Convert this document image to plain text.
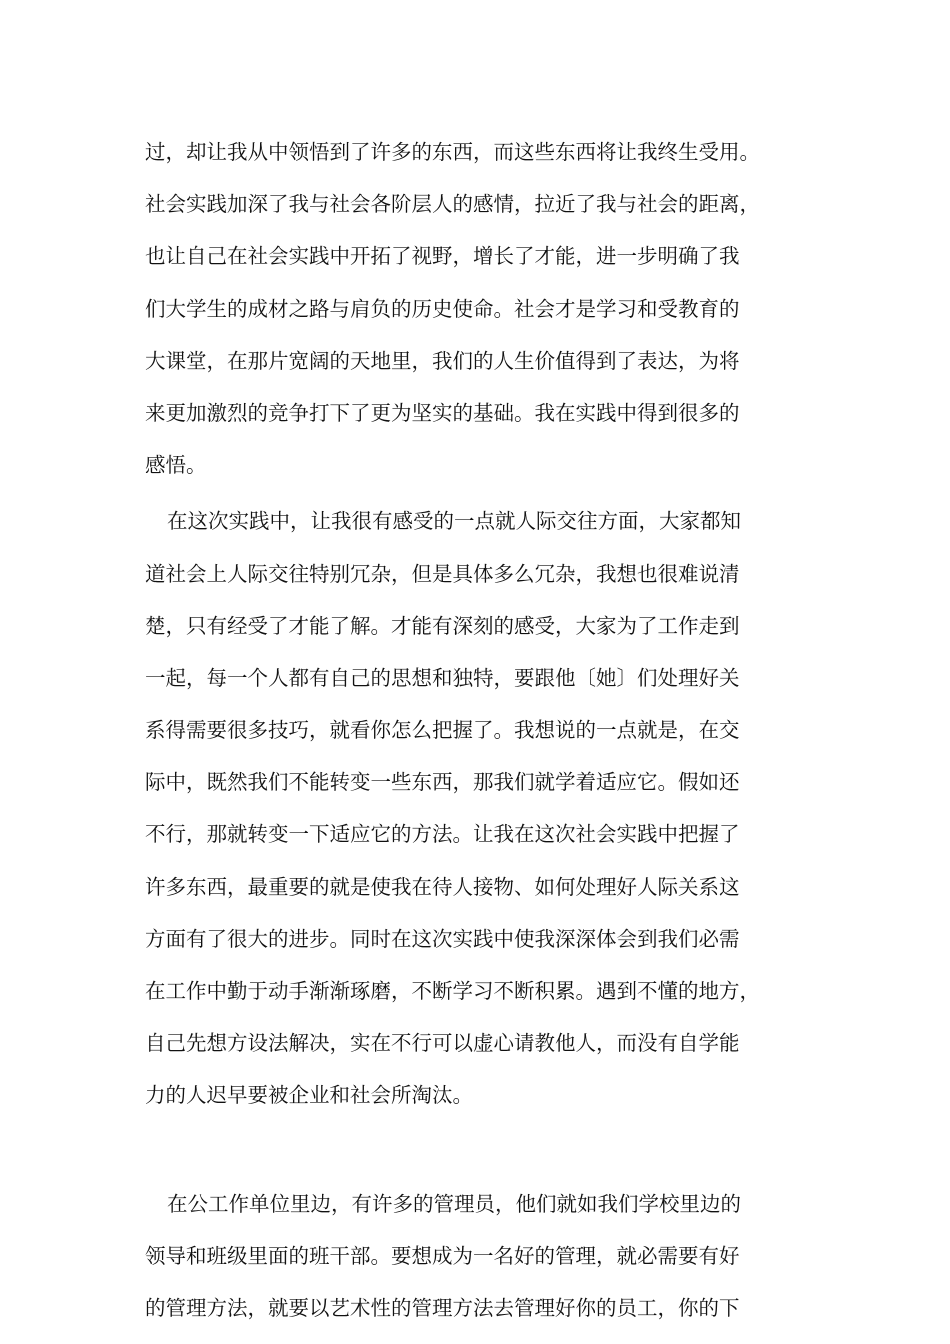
过，却让我从中领悟到了许多的东西，而这些东西将让我终生受用。
社会实践加深了我与社会各阶层人的感情，拉近了我与社会的距离，
也让自己在社会实践中开拓了视野，增长了才能，进一步明确了我
们大学生的成材之路与肩负的历史使命。社会才是学习和受教育的
大课堂，在那片宽阔的天地里，我们的人生价值得到了表达，为将
来更加激烈的竞争打下了更为坚实的基础。我在实践中得到很多的
感悟。
在这次实践中，让我很有感受的一点就人际交往方面，大家都知
道社会上人际交往特别冗杂，但是具体多么冗杂，我想也很难说清
楚，只有经受了才能了解。才能有深刻的感受，大家为了工作走到
一起，每一个人都有自己的思想和独特，要跟他〔她〕们处理好关
系得需要很多技巧，就看你怎么把握了。我想说的一点就是，在交
际中，既然我们不能转变一些东西，那我们就学着适应它。假如还
不行，那就转变一下适应它的方法。让我在这次社会实践中把握了
许多东西，最重要的就是使我在待人接物、如何处理好人际关系这
方面有了很大的进步。同时在这次实践中使我深深体会到我们必需
在工作中勤于动手渐渐琢磨，不断学习不断积累。遇到不懂的地方，
自己先想方设法解决，实在不行可以虚心请教他人，而没有自学能
力的人迟早要被企业和社会所淘汰。
在公工作单位里边，有许多的管理员，他们就如我们学校里边的
领导和班级里面的班干部。要想成为一名好的管理，就必需要有好
的管理方法，就要以艺术性的管理方法去管理好你的员工，你的下
